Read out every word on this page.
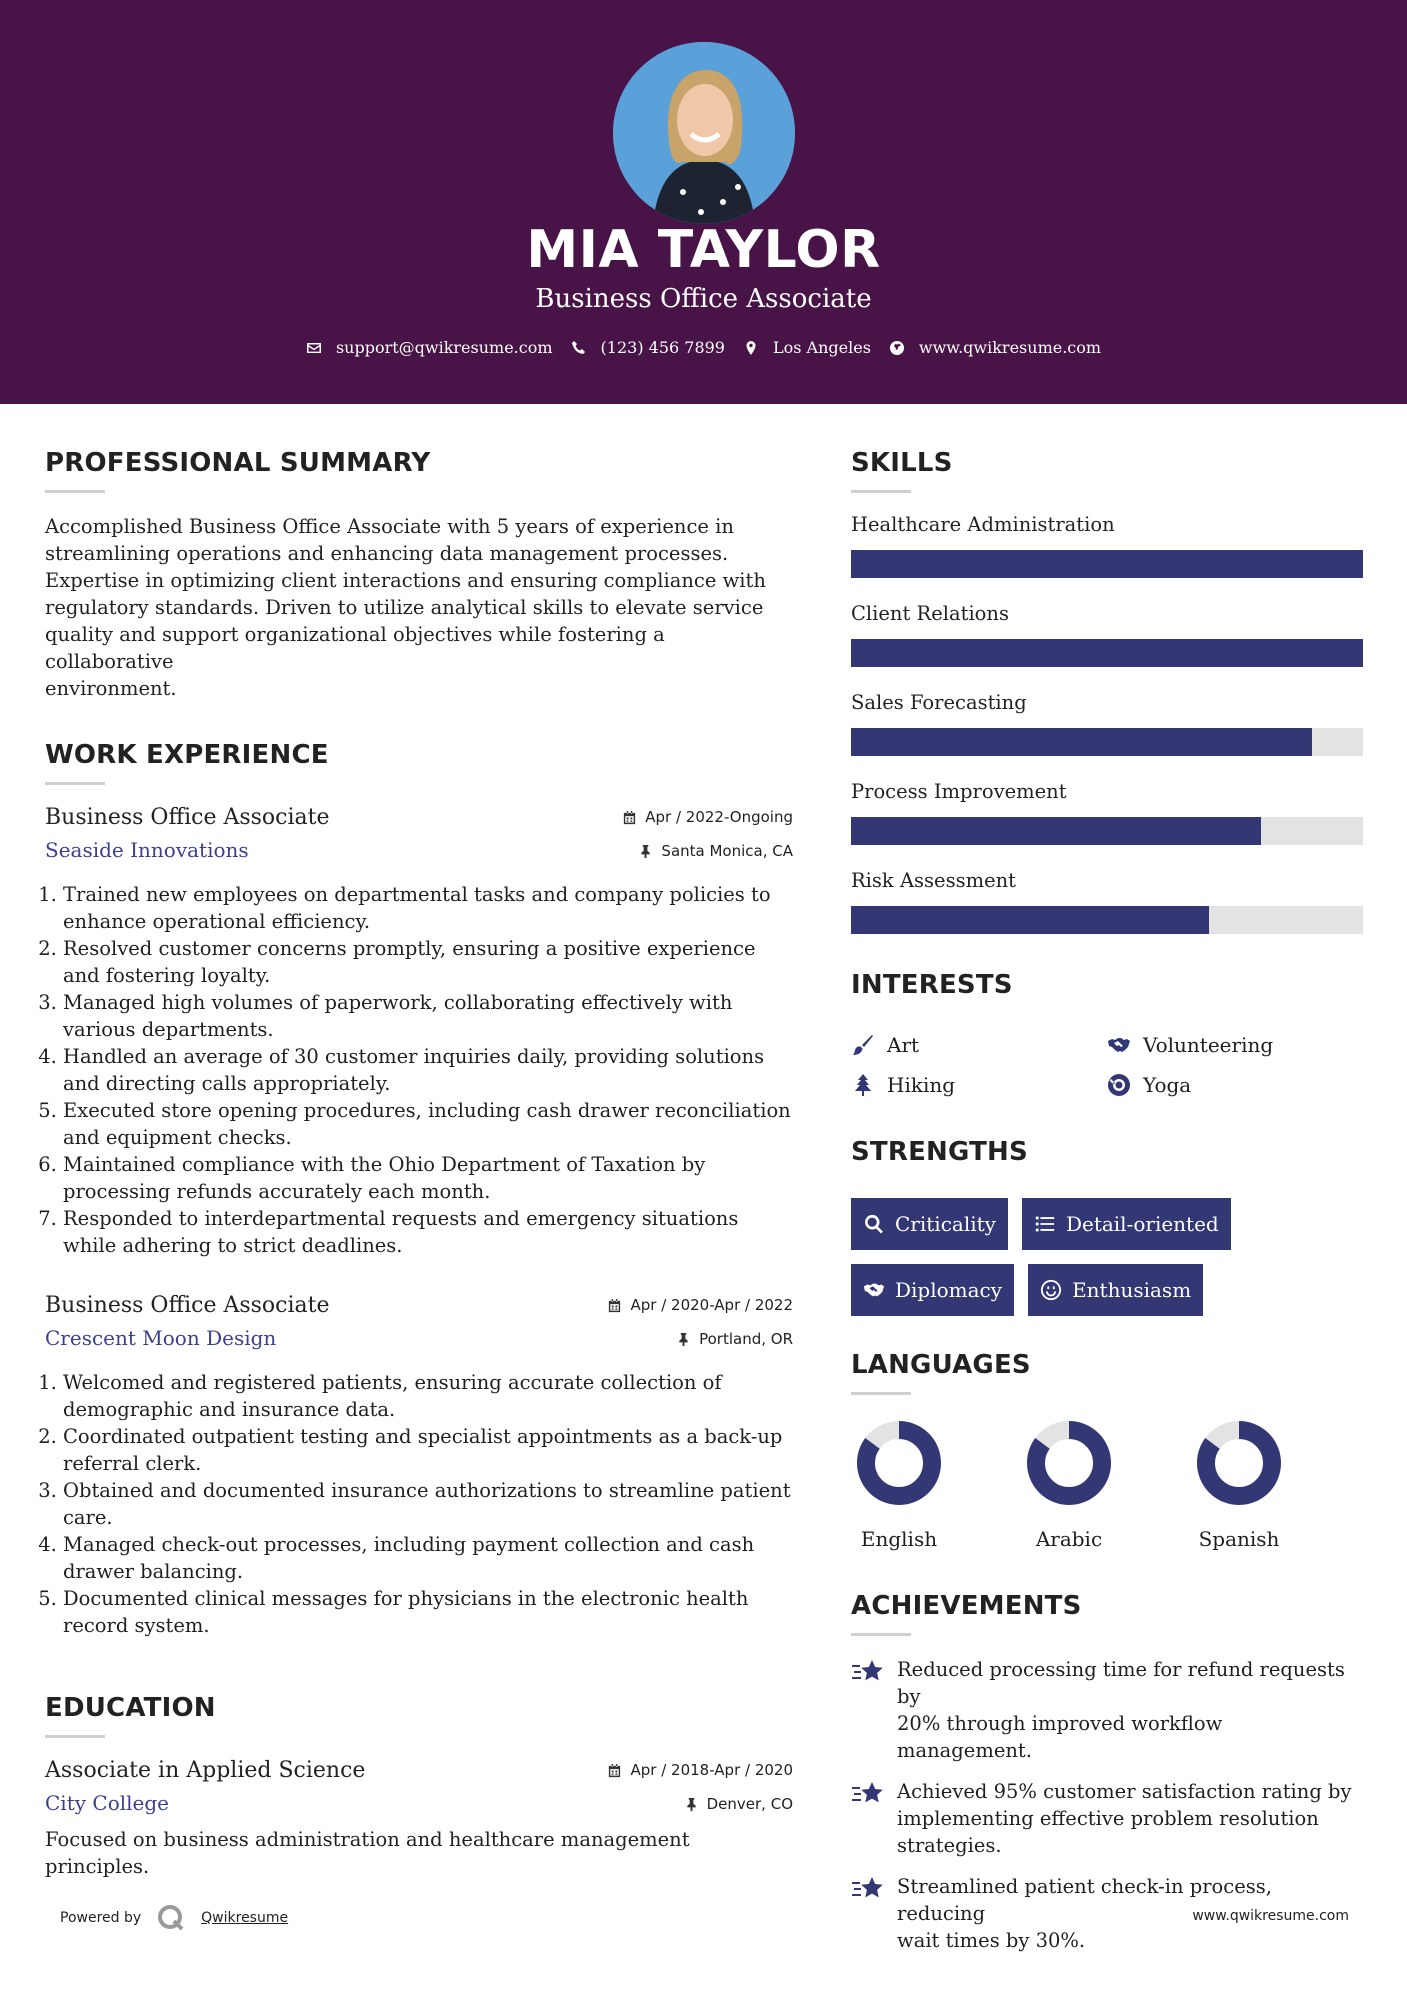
MIA TAYLOR
Business Office Associate
support@qwikresume.com	(123) 456 7899	Los Angeles	www.qwikresume.com
PROFESSIONAL SUMMARY
Accomplished Business Office Associate with 5 years of experience in
streamlining operations and enhancing data management processes.
Expertise in optimizing client interactions and ensuring compliance with
regulatory standards. Driven to utilize analytical skills to elevate service
quality and support organizational objectives while fostering a collaborative
environment.
WORK EXPERIENCE
Business Office Associate
Seaside Innovations
Apr / 2022-Ongoing
Santa Monica, CA
1. Trained new employees on departmental tasks and company policies to enhance operational efficiency.
2. Resolved customer concerns promptly, ensuring a positive experience and fostering loyalty.
3. Managed high volumes of paperwork, collaborating effectively with various departments.
4. Handled an average of 30 customer inquiries daily, providing solutions and directing calls appropriately.
5. Executed store opening procedures, including cash drawer reconciliation and equipment checks.
6. Maintained compliance with the Ohio Department of Taxation by processing refunds accurately each month.
7. Responded to interdepartmental requests and emergency situations while adhering to strict deadlines.
Business Office Associate
Crescent Moon Design
Apr / 2020-Apr / 2022
Portland, OR
1. Welcomed and registered patients, ensuring accurate collection of demographic and insurance data.
2. Coordinated outpatient testing and specialist appointments as a back-up referral clerk.
3. Obtained and documented insurance authorizations to streamline patient care.
4. Managed check-out processes, including payment collection and cash drawer balancing.
5. Documented clinical messages for physicians in the electronic health record system.
EDUCATION
Associate in Applied Science
City College
Apr / 2018-Apr / 2020
Denver, CO
Focused on business administration and healthcare management principles.
SKILLS
Healthcare Administration
Client Relations
Sales Forecasting
Process Improvement
Risk Assessment
INTERESTS
Art	Volunteering
Hiking	Yoga
STRENGTHS
Criticality	Detail-oriented
Diplomacy	Enthusiasm
LANGUAGES
English	Arabic	Spanish
ACHIEVEMENTS
Reduced processing time for refund requests by
20% through improved workflow management.
Achieved 95% customer satisfaction rating by
implementing effective problem resolution
strategies.
Streamlined patient check-in process, reducing
wait times by 30%.
Powered by	Qwikresume	www.qwikresume.com
